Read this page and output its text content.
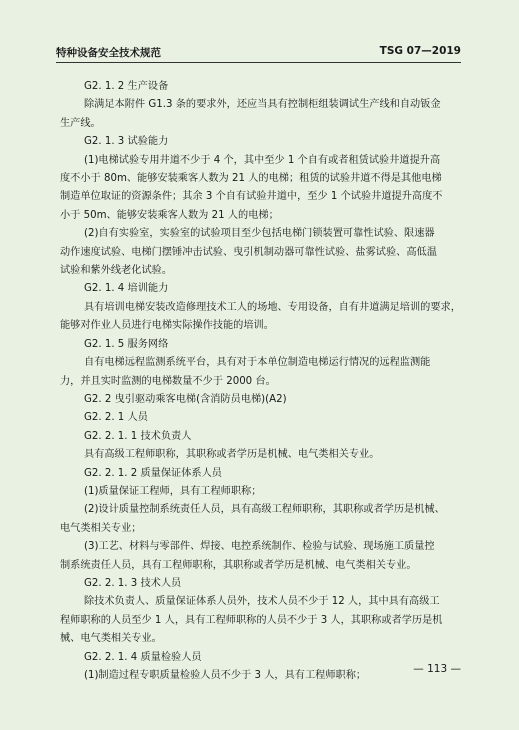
特种设备安全技术规范	TSG 07—2019
G2. 1. 2 生产设备
除满足本附件 G1.3 条的要求外，还应当具有控制柜组装调试生产线和自动钣金
生产线。
G2. 1. 3 试验能力
(1)电梯试验专用井道不少于 4 个，其中至少 1 个自有或者租赁试验井道提升高
度不小于 80m、能够安装乘客人数为 21 人的电梯；租赁的试验井道不得是其他电梯
制造单位取证的资源条件；其余 3 个自有试验井道中，至少 1 个试验井道提升高度不
小于 50m、能够安装乘客人数为 21 人的电梯；
(2)自有实验室，实验室的试验项目至少包括电梯门锁装置可靠性试验、限速器
动作速度试验、电梯门摆锤冲击试验、曳引机制动器可靠性试验、盐雾试验、高低温
试验和紫外线老化试验。
G2. 1. 4 培训能力
具有培训电梯安装改造修理技术工人的场地、专用设备，自有井道满足培训的要求，
能够对作业人员进行电梯实际操作技能的培训。
G2. 1. 5 服务网络
自有电梯远程监测系统平台，具有对于本单位制造电梯运行情况的远程监测能
力，并且实时监测的电梯数量不少于 2000 台。
G2. 2 曳引驱动乘客电梯(含消防员电梯)(A2)
G2. 2. 1 人员
G2. 2. 1. 1 技术负责人
具有高级工程师职称，其职称或者学历是机械、电气类相关专业。
G2. 2. 1. 2 质量保证体系人员
(1)质量保证工程师，具有工程师职称；
(2)设计质量控制系统责任人员，具有高级工程师职称，其职称或者学历是机械、
电气类相关专业；
(3)工艺、材料与零部件、焊接、电控系统制作、检验与试验、现场施工质量控
制系统责任人员，具有工程师职称，其职称或者学历是机械、电气类相关专业。
G2. 2. 1. 3 技术人员
除技术负责人、质量保证体系人员外，技术人员不少于 12 人，其中具有高级工
程师职称的人员至少 1 人，具有工程师职称的人员不少于 3 人，其职称或者学历是机
械、电气类相关专业。
G2. 2. 1. 4 质量检验人员
(1)制造过程专职质量检验人员不少于 3 人，具有工程师职称；
— 113 —
